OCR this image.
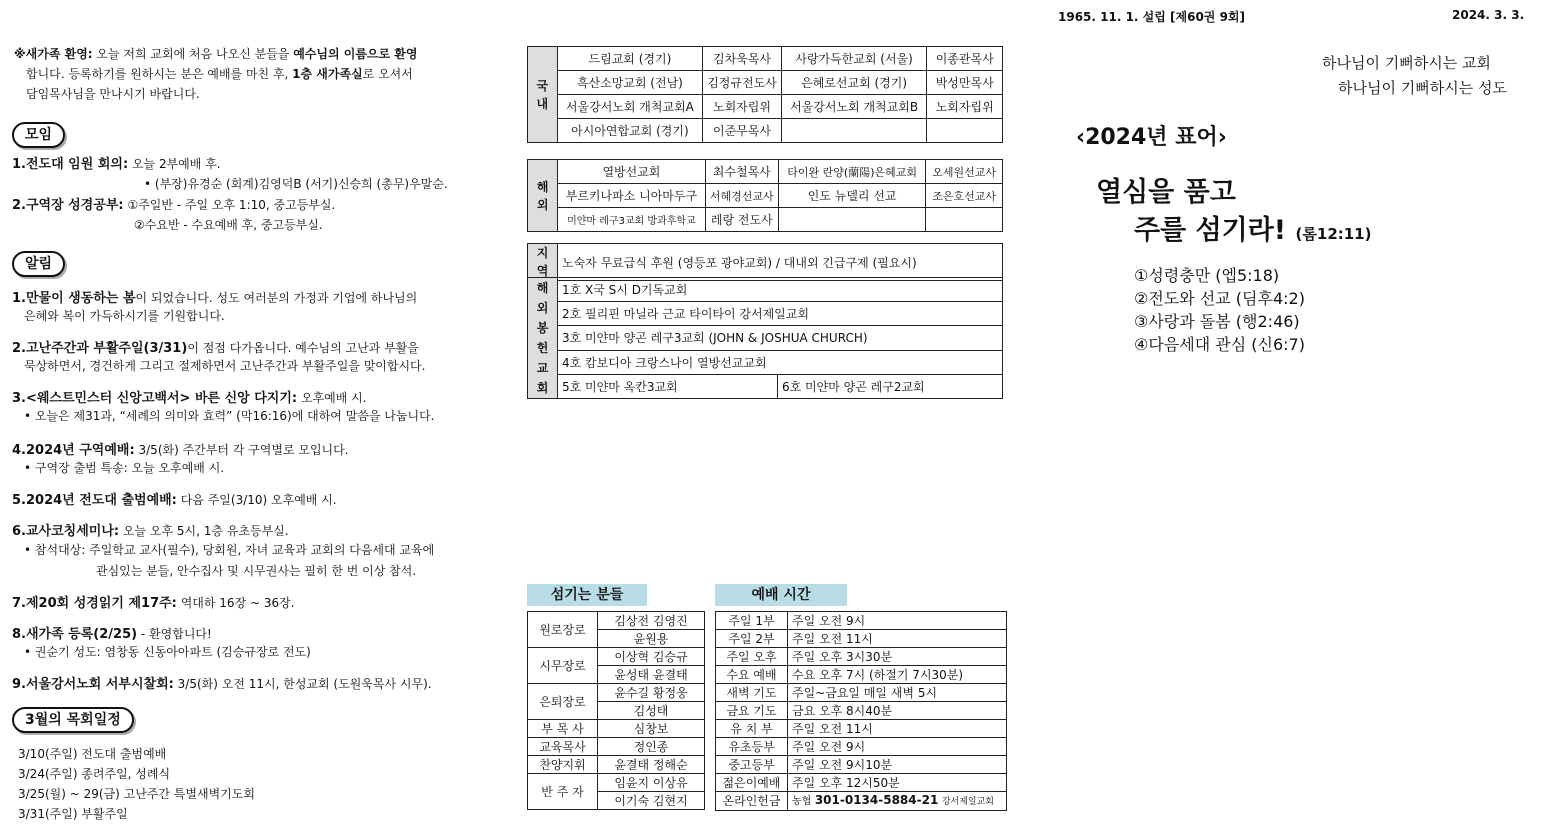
1965. 11. 1. 설립 [제60권 9회]	2024. 3. 3.
하나님이 기뻐하시는 교회
하나님이 기뻐하시는 성도
※새가족 환영: 오늘 저희 교회에 처음 나오신 분들을 예수님의 이름으로 환영
합니다. 등록하기를 원하시는 분은 예배를 마친 후, 1층 새가족실로 오셔서
담임목사님을 만나시기 바랍니다.
모임
1.전도대 임원 회의: 오늘 2부예배 후.
• (부장)유경순 (회계)김영덕B (서기)신승희 (총무)우말순.
2.구역장 성경공부: ①주일반 - 주일 오후 1:10, 중고등부실.
②수요반 - 수요예배 후, 중고등부실.
알림
1.만물이 생동하는 봄이 되었습니다. 성도 여러분의 가정과 기업에 하나님의
은혜와 복이 가득하시기를 기원합니다.
2.고난주간과 부활주일(3/31)이 점점 다가옵니다. 예수님의 고난과 부활을
묵상하면서, 경건하게 그리고 절제하면서 고난주간과 부활주일을 맞이합시다.
3.<웨스트민스터 신앙고백서> 바른 신앙 다지기: 오후예배 시.
• 오늘은 제31과, “세례의 의미와 효력” (막16:16)에 대하여 말씀을 나눕니다.
4.2024년 구역예배: 3/5(화) 주간부터 각 구역별로 모입니다.
• 구역장 출범 특송: 오늘 오후예배 시.
5.2024년 전도대 출범예배: 다음 주일(3/10) 오후예배 시.
6.교사코칭세미나: 오늘 오후 5시, 1층 유초등부실.
• 참석대상: 주일학교 교사(필수), 당회원, 자녀 교육과 교회의 다음세대 교육에
관심있는 분들, 안수집사 및 시무권사는 필히 한 번 이상 참석.
7.제20회 성경읽기 제17주: 역대하 16장 ~ 36장.
8.새가족 등록(2/25) - 환영합니다!
• 권순기 성도: 염창동 신동아아파트 (김승규장로 전도)
9.서울강서노회 서부시찰회: 3/5(화) 오전 11시, 한성교회 (도원욱목사 시무).
3월의 목회일정
3/10(주일) 전도대 출범예배
3/24(주일) 종려주일, 성례식
3/25(월) ~ 29(금) 고난주간 특별새벽기도회
3/31(주일) 부활주일
국내	드림교회 (경기)	김차욱목사	사랑가득한교회 (서울)	이종관목사
	흑산소망교회 (전남)	김정규전도사	은혜로선교회 (경기)	박성만목사
	서울강서노회 개척교회A	노회자립위	서울강서노회 개척교회B	노회자립위
	아시아연합교회 (경기)	이준무목사		
해외	열방선교회	최수철목사	타이완 란양(蘭陽)은혜교회	오세원선교사
	부르키나파소 니아마두구	서혜경선교사	인도 뉴델리 선교	조은호선교사
	미얀마 레구3교회 방과후학교	레랑 전도사		
지역	노숙자 무료급식 후원 (영등포 광야교회) / 대내외 긴급구제 (필요시)
해외봉헌교회	1호 X국 S시 D기독교회	
	2호 필리핀 마닐라 근교 타이타이 강서제일교회	
	3호 미얀마 양곤 레구3교회 (JOHN & JOSHUA CHURCH)	
	4호 캄보디아 크랑스나이 열방선교교회	
	5호 미얀마 옥칸3교회	6호 미얀마 양곤 레구2교회
섬기는 분들
원로장로	김상전 김영진
	윤원용
시무장로	이상혁 김승규
	윤성태 윤결태
은퇴장로	윤수길 황정웅
	김성태
부 목 사	심창보
교육목사	정인종
찬양지휘	윤결태 정해순
반 주 자	임윤지 이상유
	이기숙 김현지
예배 시간
주일 1부	주일 오전 9시
주일 2부	주일 오전 11시
주일 오후	주일 오후 3시30분
수요 예배	수요 오후 7시 (하절기 7시30분)
새벽 기도	주일~금요일 매일 새벽 5시
금요 기도	금요 오후 8시40분
유 치 부	주일 오전 11시
유초등부	주일 오전 9시
중고등부	주일 오전 9시10분
젊은이예배	주일 오후 12시50분
온라인헌금	농협 301-0134-5884-21 강서제일교회
‹2024년 표어›
열심을 품고
주를 섬기라! (롬12:11)
①성령충만 (엡5:18)
②전도와 선교 (딤후4:2)
③사랑과 돌봄 (행2:46)
④다음세대 관심 (신6:7)
